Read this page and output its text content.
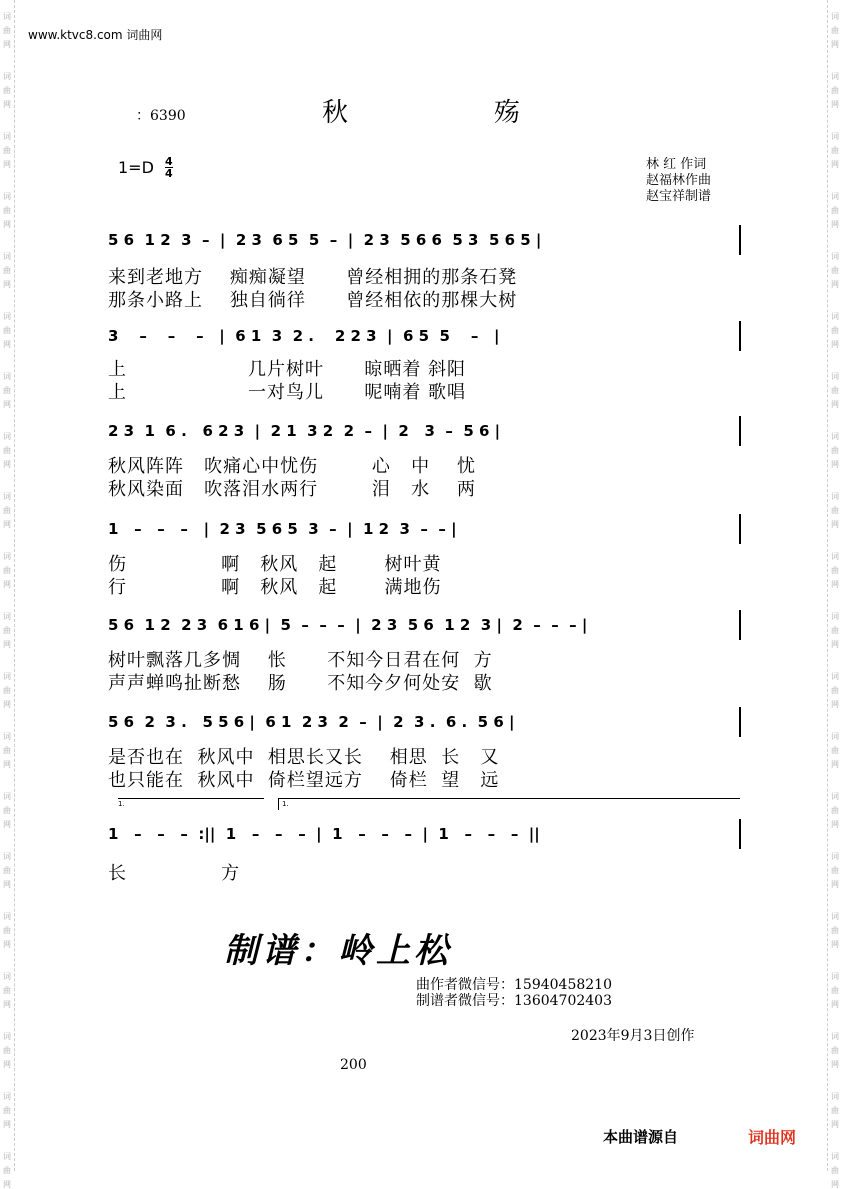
词
曲
网
词
曲
网
词
曲
网
词
曲
网
词
曲
网
词
曲
网
词
曲
网
词
曲
网
词
曲
网
词
曲
网
词
曲
网
词
曲
网
词
曲
网
词
曲
网
词
曲
网
词
曲
网
词
曲
网
词
曲
网
词
曲
网
词
曲
网
词
曲
网
词
曲
网
词
曲
网
词
曲
网
词
曲
网
词
曲
网
词
曲
网
词
曲
网
词
曲
网
词
曲
网
词
曲
网
词
曲
网
词
曲
网
词
曲
网
词
曲
网
词
曲
网
词
曲
网
词
曲
网
词
曲
网
词
曲
网
www.ktvc8.com 词曲网
：6390	秋	殇
1=D 4
4
林 红 作词
赵福林作曲
赵宝祥制谱
5 6  1 2  3  –  |  2 3  6 5  5  –  |  2 3  5 6 6  5 3  5 6 5 |
来到老地方    痴痴凝望      曾经相拥的那条石凳
那条小路上    独自徜徉      曾经相依的那棵大树
3    –    –    –   |  6 1  3  2 .    2 2 3  |  6 5  5    –   |
上                  几片树叶      晾晒着 斜阳
上                  一对鸟儿      呢喃着 歌唱
2 3  1  6 .   6 2 3  |  2 1  3 2  2  –  |  2   3  –  5 6 |
秋风阵阵   吹痛心中忧伤        心   中    忧
秋风染面   吹落泪水两行        泪   水    两
1   –   –   –   |  2 3  5 6 5  3  –  |  1 2  3  –  – |
伤              啊   秋风   起       树叶黄
行              啊   秋风   起       满地伤
5 6  1 2  2 3  6 1 6 |  5  –  –  –  |  2 3  5 6  1 2  3 |  2  –  –  – |
树叶飘落几多惆    怅      不知今日君在何  方
声声蝉鸣扯断愁    肠      不知今夕何处安  歇
5 6  2  3 .   5 5 6 |  6 1  2 3  2  –  |  2  3 .  6 .  5 6 |
是否也在  秋风中  相思长又长    相思  长   又
也只能在  秋风中  倚栏望远方    倚栏  望   远
1   –   –   –  :||  1   –   –   –  |  1   –   –   –  |  1   –   –   –  ||
长              方
1.	1.
制谱：岭上松
曲作者微信号：15940458210
制谱者微信号：13604702403
2023年9月3日创作
200
本曲谱源自	词曲网
